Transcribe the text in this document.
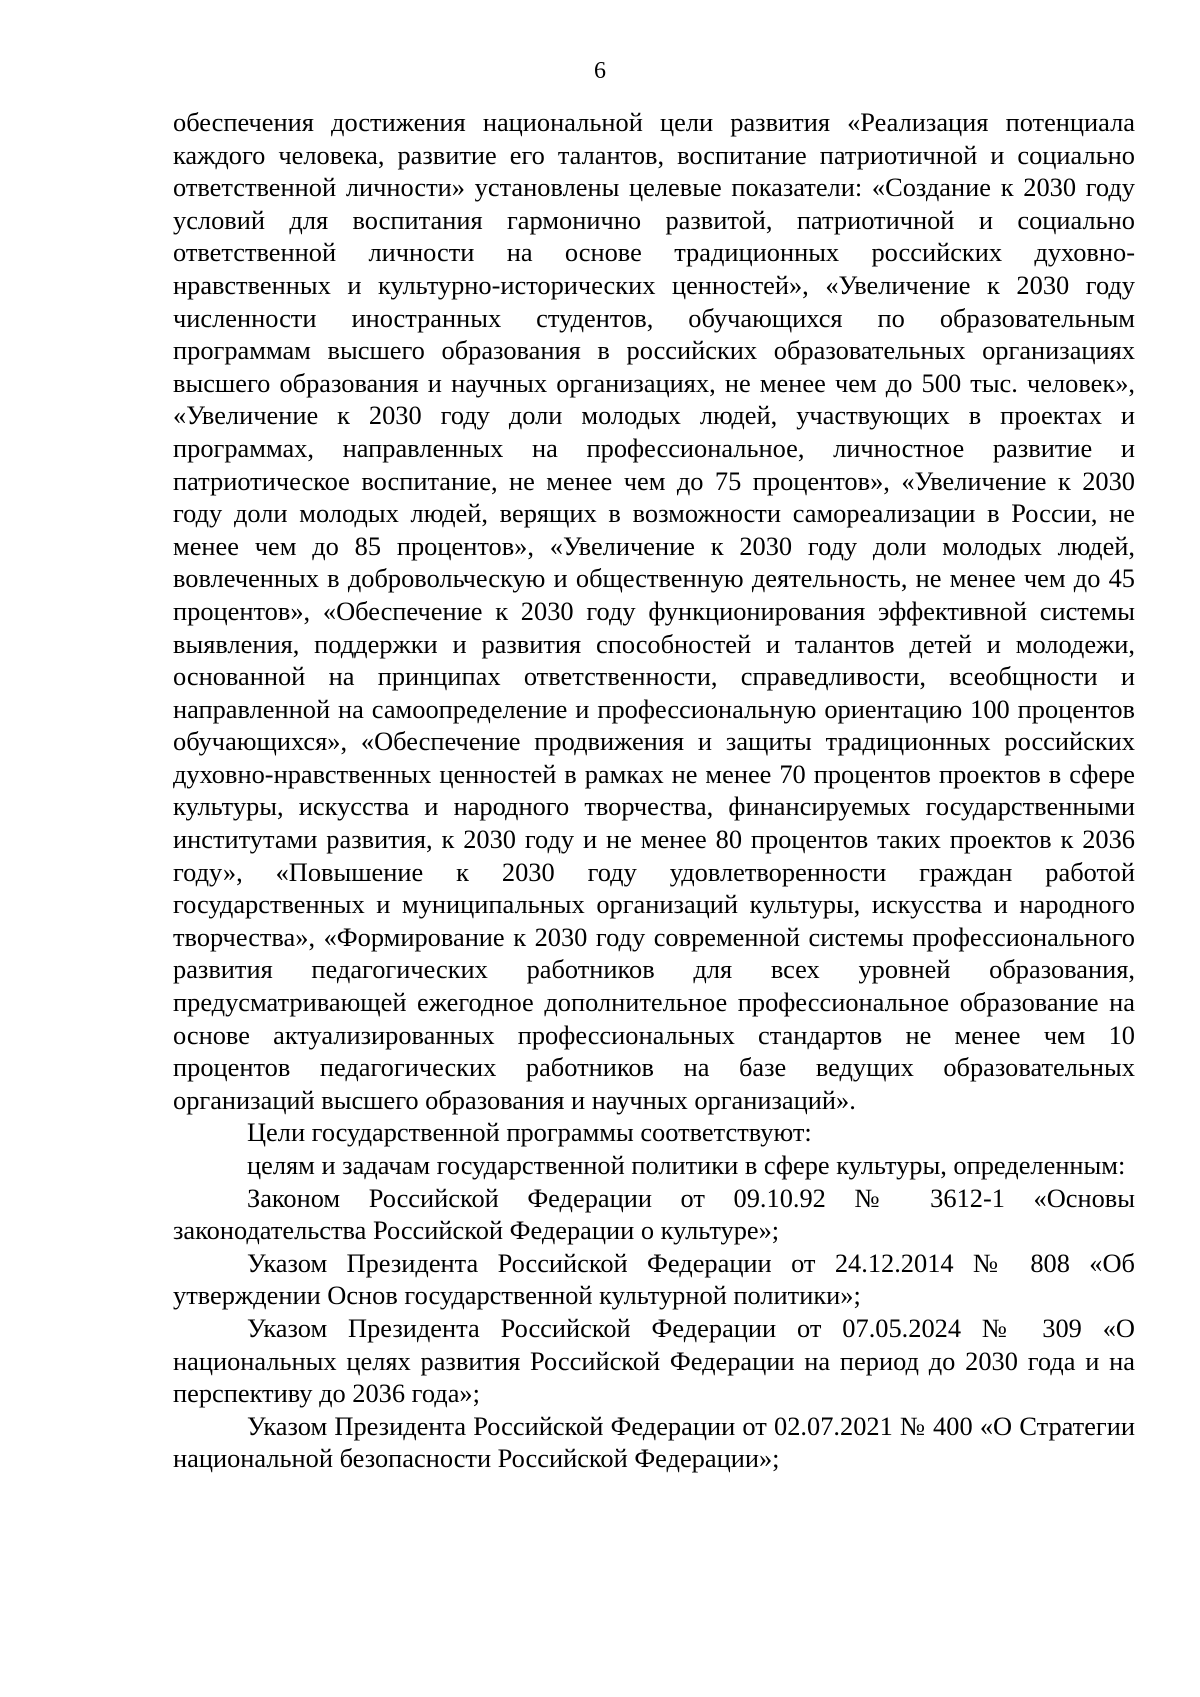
6

обеспечения достижения национальной цели развития «Реализация потенциала каждого человека, развитие его талантов, воспитание патриотичной и социально ответственной личности» установлены целевые показатели: «Создание к 2030 году условий для воспитания гармонично развитой, патриотичной и социально ответственной личности на основе традиционных российских духовно-нравственных и культурно-исторических ценностей», «Увеличение к 2030 году численности иностранных студентов, обучающихся по образовательным программам высшего образования в российских образовательных организациях высшего образования и научных организациях, не менее чем до 500 тыс. человек», «Увеличение к 2030 году доли молодых людей, участвующих в проектах и программах, направленных на профессиональное, личностное развитие и патриотическое воспитание, не менее чем до 75 процентов», «Увеличение к 2030 году доли молодых людей, верящих в возможности самореализации в России, не менее чем до 85 процентов», «Увеличение к 2030 году доли молодых людей, вовлеченных в добровольческую и общественную деятельность, не менее чем до 45 процентов», «Обеспечение к 2030 году функционирования эффективной системы выявления, поддержки и развития способностей и талантов детей и молодежи, основанной на принципах ответственности, справедливости, всеобщности и направленной на самоопределение и профессиональную ориентацию 100 процентов обучающихся», «Обеспечение продвижения и защиты традиционных российских духовно-нравственных ценностей в рамках не менее 70 процентов проектов в сфере культуры, искусства и народного творчества, финансируемых государственными институтами развития, к 2030 году и не менее 80 процентов таких проектов к 2036 году», «Повышение к 2030 году удовлетворенности граждан работой государственных и муниципальных организаций культуры, искусства и народного творчества», «Формирование к 2030 году современной системы профессионального развития педагогических работников для всех уровней образования, предусматривающей ежегодное дополнительное профессиональное образование на основе актуализированных профессиональных стандартов не менее чем 10 процентов педагогических работников на базе ведущих образовательных организаций высшего образования и научных организаций».

Цели государственной программы соответствуют:

целям и задачам государственной политики в сфере культуры, определенным:

Законом Российской Федерации от 09.10.92 № 3612-1 «Основы законодательства Российской Федерации о культуре»;

Указом Президента Российской Федерации от 24.12.2014 № 808 «Об утверждении Основ государственной культурной политики»;

Указом Президента Российской Федерации от 07.05.2024 № 309 «О национальных целях развития Российской Федерации на период до 2030 года и на перспективу до 2036 года»;

Указом Президента Российской Федерации от 02.07.2021 № 400 «О Стратегии национальной безопасности Российской Федерации»;
